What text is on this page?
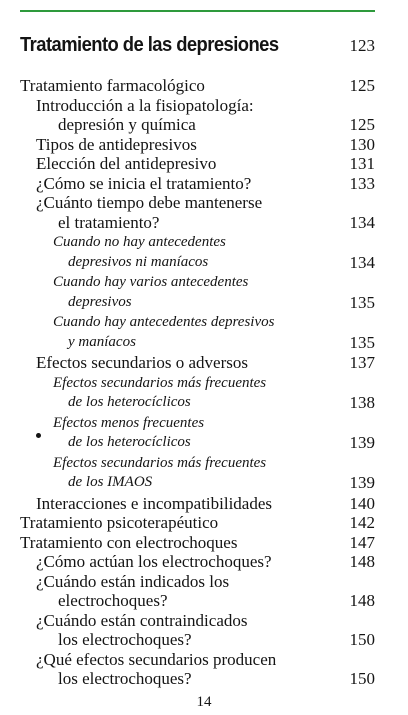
Tratamiento de las depresiones	123
Tratamiento farmacológico	125
Introducción a la fisiopatología:
depresión y química	125
Tipos de antidepresivos	130
Elección del antidepresivo	131
¿Cómo se inicia el tratamiento?	133
¿Cuánto tiempo debe mantenerse
el tratamiento?	134
Cuando no hay antecedentes
depresivos ni maníacos	134
Cuando hay varios antecedentes
depresivos	135
Cuando hay antecedentes depresivos
y maníacos	135
Efectos secundarios o adversos	137
Efectos secundarios más frecuentes
de los heterocíclicos	138
Efectos menos frecuentes
de los heterocíclicos	139
Efectos secundarios más frecuentes
de los IMAOS	139
Interacciones e incompatibilidades	140
Tratamiento psicoterapéutico	142
Tratamiento con electrochoques	147
¿Cómo actúan los electrochoques?	148
¿Cuándo están indicados los
electrochoques?	148
¿Cuándo están contraindicados
los electrochoques?	150
¿Qué efectos secundarios producen
los electrochoques?	150
14
